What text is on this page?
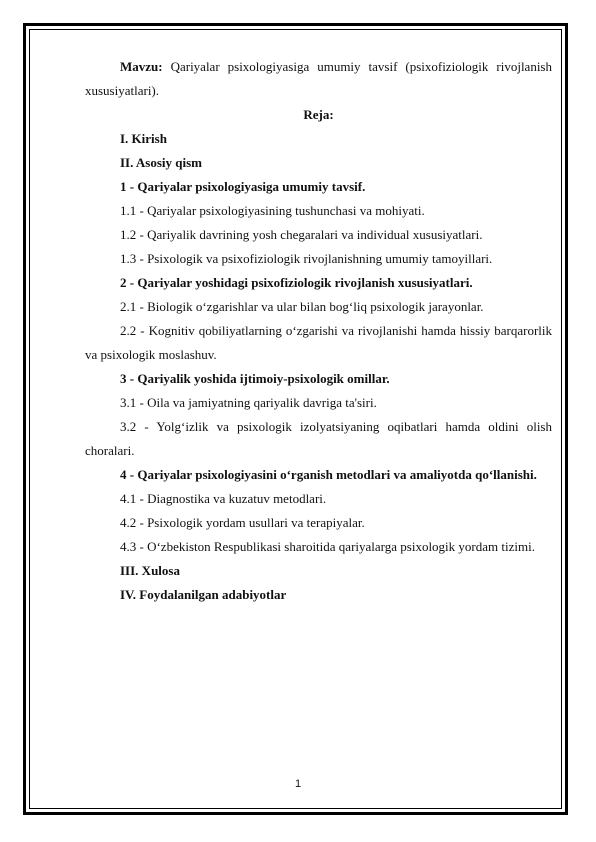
Mavzu: Qariyalar psixologiyasiga umumiy tavsif (psixofiziologik rivojlanish xususiyatlari).

Reja:

I. Kirish

II. Asosiy qism

1 - Qariyalar psixologiyasiga umumiy tavsif.

1.1 - Qariyalar psixologiyasining tushunchasi va mohiyati.

1.2 - Qariyalik davrining yosh chegaralari va individual xususiyatlari.

1.3 - Psixologik va psixofiziologik rivojlanishning umumiy tamoyillari.

2 - Qariyalar yoshidagi psixofiziologik rivojlanish xususiyatlari.

2.1 - Biologik o‘zgarishlar va ular bilan bog‘liq psixologik jarayonlar.

2.2 - Kognitiv qobiliyatlarning o‘zgarishi va rivojlanishi hamda hissiy barqarorlik va psixologik moslashuv.

3 - Qariyalik yoshida ijtimoiy-psixologik omillar.

3.1 - Oila va jamiyatning qariyalik davriga ta'siri.

3.2 - Yolg‘izlik va psixologik izolyatsiyaning oqibatlari hamda oldini olish choralari.

4 - Qariyalar psixologiyasini o‘rganish metodlari va amaliyotda qo‘llanishi.

4.1 - Diagnostika va kuzatuv metodlari.

4.2 - Psixologik yordam usullari va terapiyalar.

4.3 - O‘zbekiston Respublikasi sharoitida qariyalarga psixologik yordam tizimi.

III. Xulosa

IV. Foydalanilgan adabiyotlar

1
